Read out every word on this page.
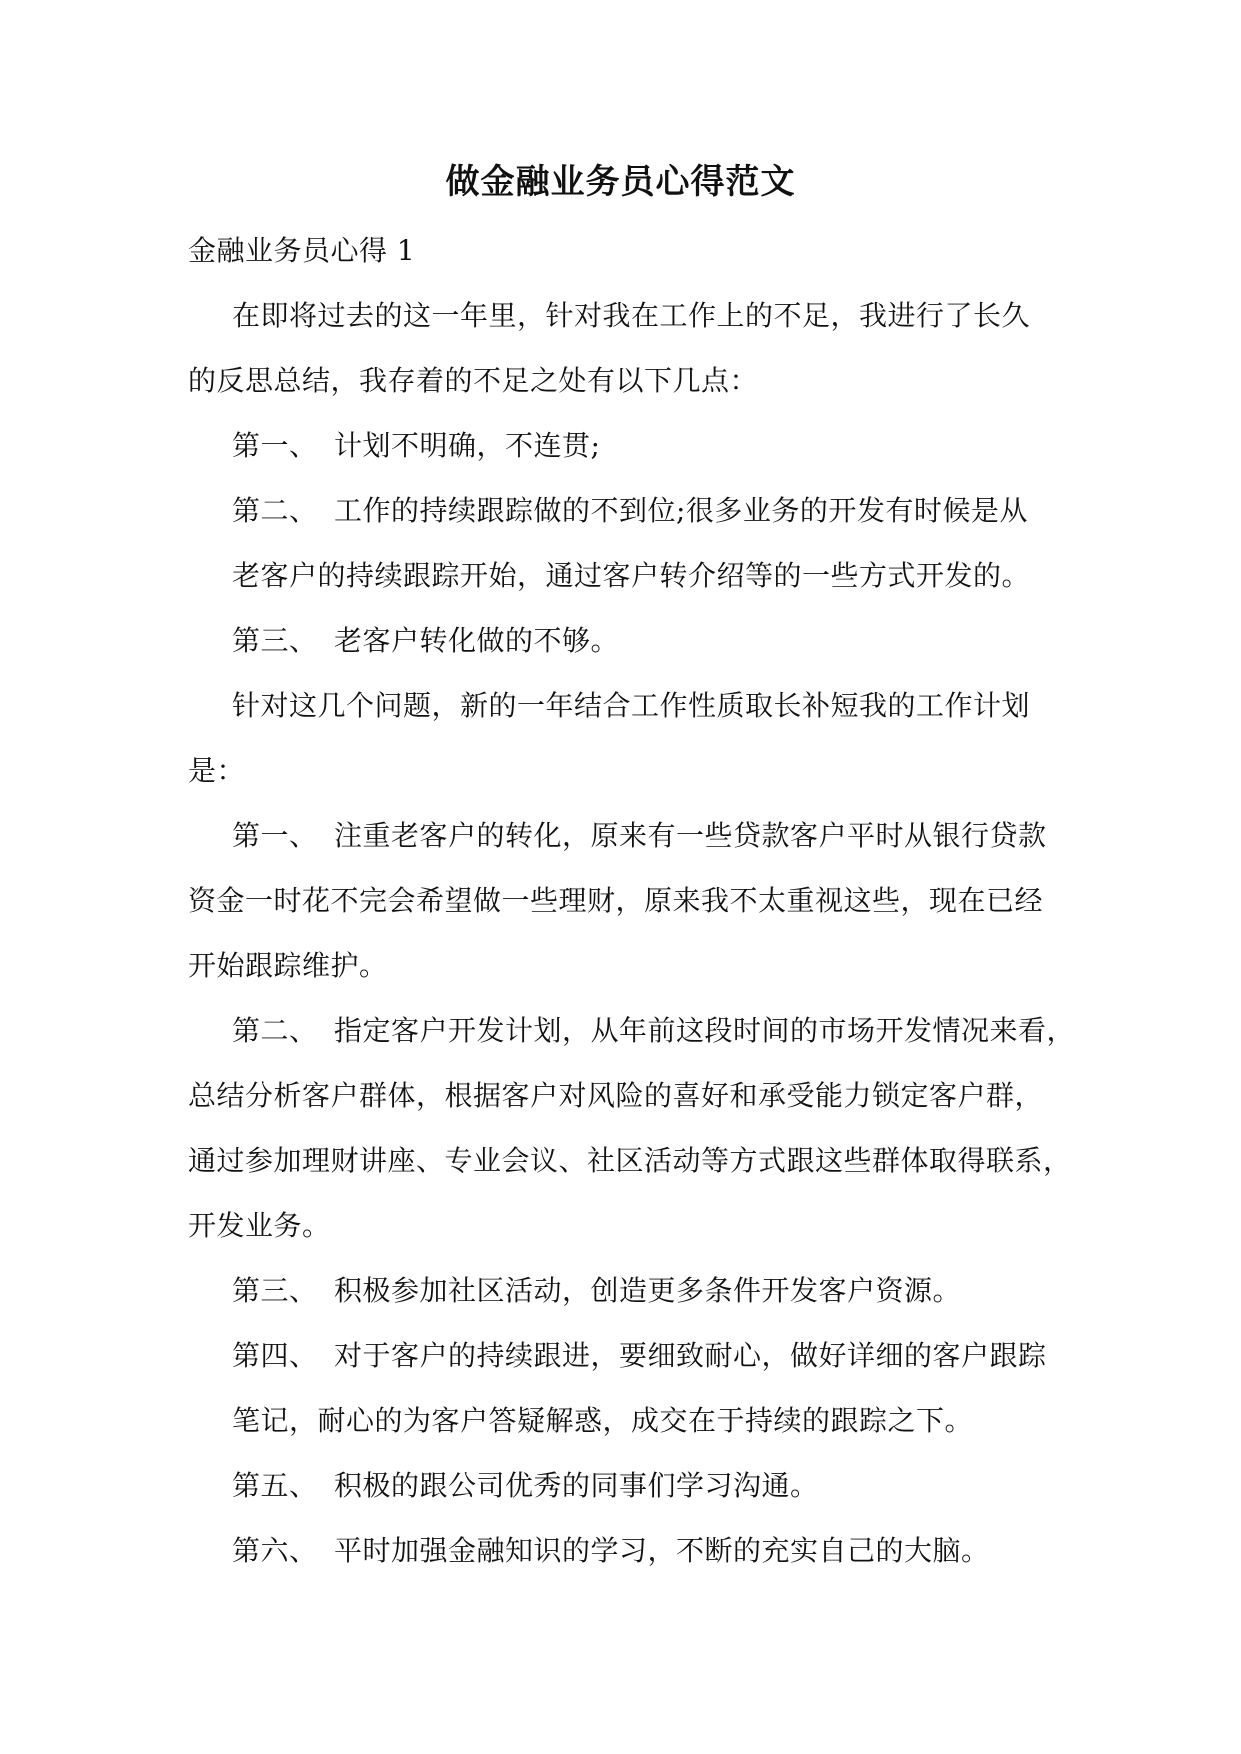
做金融业务员心得范文
金融业务员心得 1
在即将过去的这一年里，针对我在工作上的不足，我进行了长久
的反思总结，我存着的不足之处有以下几点：
第一、 计划不明确，不连贯;
第二、 工作的持续跟踪做的不到位;很多业务的开发有时候是从
老客户的持续跟踪开始，通过客户转介绍等的一些方式开发的。
第三、 老客户转化做的不够。
针对这几个问题，新的一年结合工作性质取长补短我的工作计划
是：
第一、 注重老客户的转化，原来有一些贷款客户平时从银行贷款
资金一时花不完会希望做一些理财，原来我不太重视这些，现在已经
开始跟踪维护。
第二、 指定客户开发计划，从年前这段时间的市场开发情况来看，
总结分析客户群体，根据客户对风险的喜好和承受能力锁定客户群，
通过参加理财讲座、专业会议、社区活动等方式跟这些群体取得联系，
开发业务。
第三、 积极参加社区活动，创造更多条件开发客户资源。
第四、 对于客户的持续跟进，要细致耐心，做好详细的客户跟踪
笔记，耐心的为客户答疑解惑，成交在于持续的跟踪之下。
第五、 积极的跟公司优秀的同事们学习沟通。
第六、 平时加强金融知识的学习，不断的充实自己的大脑。
